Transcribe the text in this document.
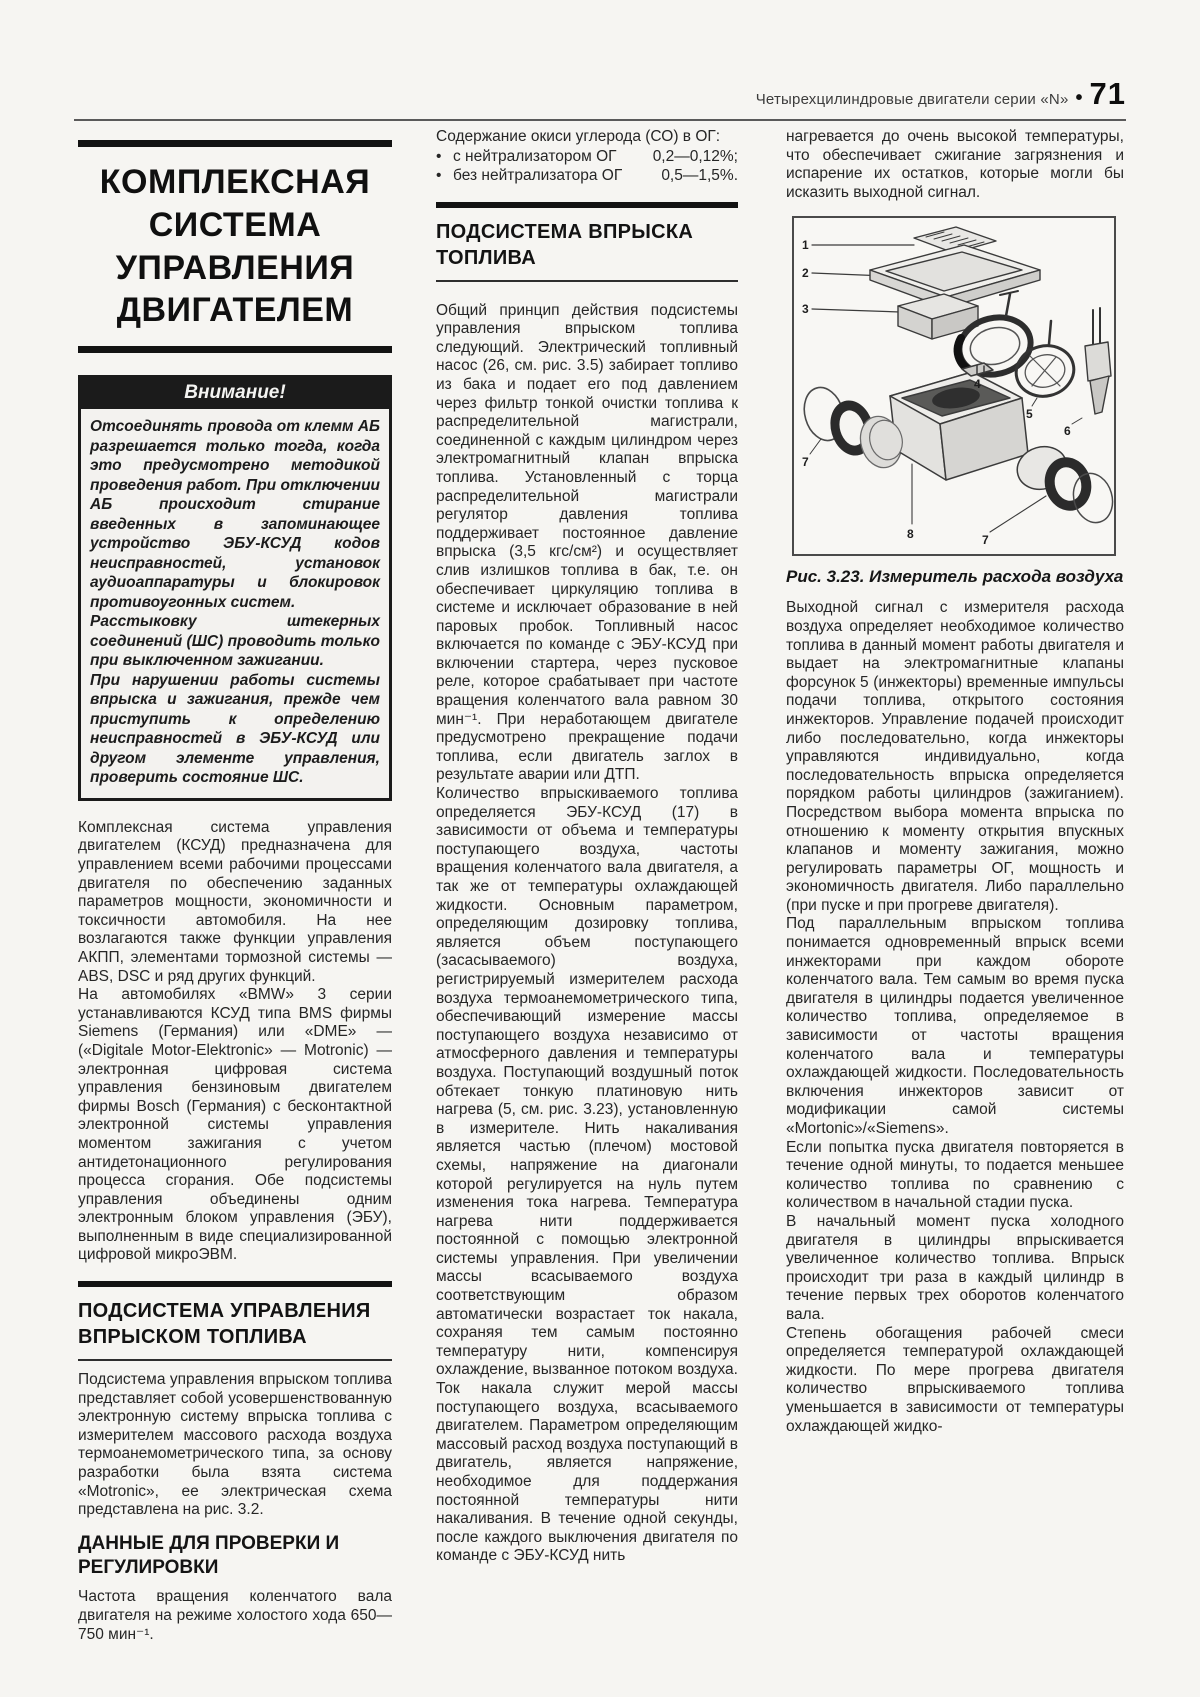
Четырехцилиндровые двигатели серии «N» • 71
КОМПЛЕКСНАЯ СИСТЕМА УПРАВЛЕНИЯ ДВИГАТЕЛЕМ
Внимание!

Отсоединять провода от клемм АБ разрешается только тогда, когда это предусмотрено методикой проведения работ. При отключении АБ происходит стирание введенных в запоминающее устройство ЭБУ-КСУД кодов неисправностей, установок аудиоаппаратуры и блокировок противоугонных систем.

Расстыковку штекерных соединений (ШС) проводить только при выключенном зажигании.

При нарушении работы системы впрыска и зажигания, прежде чем приступить к определению неисправностей в ЭБУ-КСУД или другом элементе управления, проверить состояние ШС.

Комплексная система управления двигателем (КСУД) предназначена для управлением всеми рабочими процессами двигателя по обеспечению заданных параметров мощности, экономичности и токсичности автомобиля. На нее возлагаются также функции управления АКПП, элементами тормозной системы — ABS, DSC и ряд других функций.

На автомобилях «BMW» 3 серии устанавливаются КСУД типа BMS фирмы Siemens (Германия) или «DME» — («Digitale Motor-Elektronic» — Motronic) — электронная цифровая система управления бензиновым двигателем фирмы Bosch (Германия) с бесконтактной электронной системы управления моментом зажигания с учетом антидетонационного регулирования процесса сгорания. Обе подсистемы управления объединены одним электронным блоком управления (ЭБУ), выполненным в виде специализированной цифровой микроЭВМ.

ПОДСИСТЕМА УПРАВЛЕНИЯ ВПРЫСКОМ ТОПЛИВА

Подсистема управления впрыском топлива представляет собой усовершенствованную электронную систему впрыска топлива с измерителем массового расхода воздуха термоанемометрического типа, за основу разработки была взята система «Motronic», ее электрическая схема представлена на рис. 3.2.

ДАННЫЕ ДЛЯ ПРОВЕРКИ И РЕГУЛИРОВКИ

Частота вращения коленчатого вала двигателя на режиме холостого хода 650—750 мин⁻¹.

Содержание окиси углерода (СО) в ОГ:

• с нейтрализатором ОГ 0,2—0,12%;
• без нейтрализатора ОГ	0,5—1,5%.
ПОДСИСТЕМА ВПРЫСКА ТОПЛИВА

Общий принцип действия подсистемы управления впрыском топлива следующий. Электрический топливный насос (26, см. рис. 3.5) забирает топливо из бака и подает его под давлением через фильтр тонкой очистки топлива к распределительной магистрали, соединенной с каждым цилиндром через электромагнитный клапан впрыска топлива. Установленный с торца распределительной магистрали регулятор давления топлива поддерживает постоянное давление впрыска (3,5 кгс/см²) и осуществляет слив излишков топлива в бак, т.е. он обеспечивает циркуляцию топлива в системе и исключает образование в ней паровых пробок. Топливный насос включается по команде с ЭБУ-КСУД при включении стартера, через пусковое реле, которое срабатывает при частоте вращения коленчатого вала равном 30 мин⁻¹. При неработающем двигателе предусмотрено прекращение подачи топлива, если двигатель заглох в результате аварии или ДТП.

Количество впрыскиваемого топлива определяется ЭБУ-КСУД (17) в зависимости от объема и температуры поступающего воздуха, частоты вращения коленчатого вала двигателя, а так же от температуры охлаждающей жидкости. Основным параметром, определяющим дозировку топлива, является объем поступающего (засасываемого) воздуха, регистрируемый измерителем расхода воздуха термоанемометрического типа, обеспечивающий измерение массы поступающего воздуха независимо от атмосферного давления и температуры воздуха. Поступающий воздушный поток обтекает тонкую платиновую нить нагрева (5, см. рис. 3.23), установленную в измерителе. Нить накаливания является частью (плечом) мостовой схемы, напряжение на диагонали которой регулируется на нуль путем изменения тока нагрева. Температура нагрева нити поддерживается постоянной с помощью электронной системы управления. При увеличении массы всасываемого воздуха соответствующим образом автоматически возрастает ток накала, сохраняя тем самым постоянно температуру нити, компенсируя охлаждение, вызванное потоком воздуха. Ток накала служит мерой массы поступающего воздуха, всасываемого двигателем. Параметром определяющим массовый расход воздуха поступающий в двигатель, является напряжение, необходимое для поддержания постоянной температуры нити накаливания. В течение одной секунды, после каждого выключения двигателя по команде с ЭБУ-КСУД нить

нагревается до очень высокой температуры, что обеспечивает сжигание загрязнения и испарение их остатков, которые могли бы исказить выходной сигнал.

1
2
3
4
5
6
7
7
8
Рис. 3.23. Измеритель расхода воздуха

Выходной сигнал с измерителя расхода воздуха определяет необходимое количество топлива в данный момент работы двигателя и выдает на электромагнитные клапаны форсунок 5 (инжекторы) временные импульсы подачи топлива, открытого состояния инжекторов. Управление подачей происходит либо последовательно, когда инжекторы управляются индивидуально, когда последовательность впрыска определяется порядком работы цилиндров (зажиганием). Посредством выбора момента впрыска по отношению к моменту открытия впускных клапанов и моменту зажигания, можно регулировать параметры ОГ, мощность и экономичность двигателя. Либо параллельно (при пуске и при прогреве двигателя).

Под параллельным впрыском топлива понимается одновременный впрыск всеми инжекторами при каждом обороте коленчатого вала. Тем самым во время пуска двигателя в цилиндры подается увеличенное количество топлива, определяемое в зависимости от частоты вращения коленчатого вала и температуры охлаждающей жидкости. Последовательность включения инжекторов зависит от модификации самой системы «Mortonic»/«Siemens».

Если попытка пуска двигателя повторяется в течение одной минуты, то подается меньшее количество топлива по сравнению с количеством в начальной стадии пуска.

В начальный момент пуска холодного двигателя в цилиндры впрыскивается увеличенное количество топлива. Впрыск происходит три раза в каждый цилиндр в течение первых трех оборотов коленчатого вала.

Степень обогащения рабочей смеси определяется температурой охлаждающей жидкости. По мере прогрева двигателя количество впрыскиваемого топлива уменьшается в зависимости от температуры охлаждающей жидко-
